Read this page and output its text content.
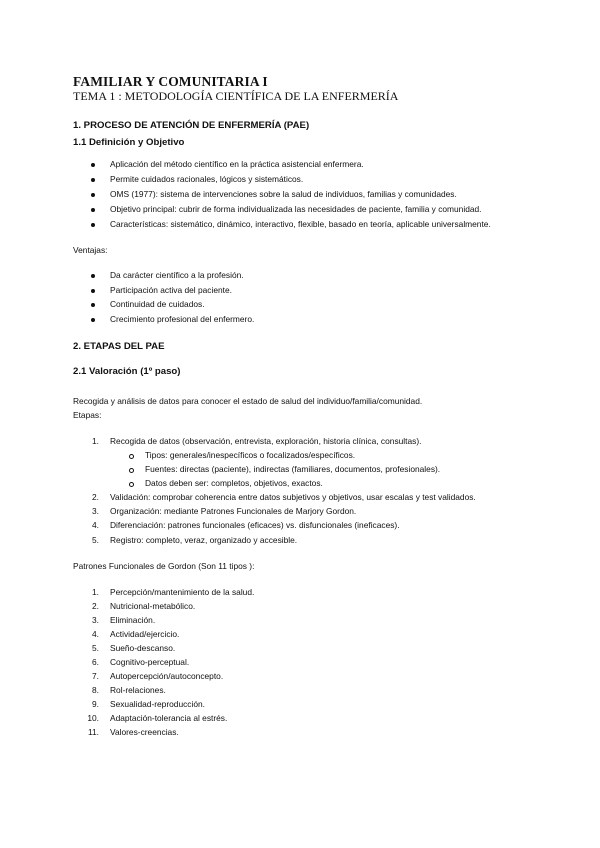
FAMILIAR Y COMUNITARIA I
TEMA 1 : METODOLOGÍA CIENTÍFICA DE LA ENFERMERÍA
1. PROCESO DE ATENCIÓN DE ENFERMERÍA (PAE)
1.1 Definición y Objetivo
Aplicación del método científico en la práctica asistencial enfermera.
Permite cuidados racionales, lógicos y sistemáticos.
OMS (1977): sistema de intervenciones sobre la salud de individuos, familias y comunidades.
Objetivo principal: cubrir de forma individualizada las necesidades de paciente, familia y comunidad.
Características: sistemático, dinámico, interactivo, flexible, basado en teoría, aplicable universalmente.
Ventajas:
Da carácter científico a la profesión.
Participación activa del paciente.
Continuidad de cuidados.
Crecimiento profesional del enfermero.
2. ETAPAS DEL PAE
2.1 Valoración (1º paso)
Recogida y análisis de datos para conocer el estado de salud del individuo/familia/comunidad.
Etapas:
1. Recogida de datos (observación, entrevista, exploración, historia clínica, consultas).
Tipos: generales/inespecíficos o focalizados/específicos.
Fuentes: directas (paciente), indirectas (familiares, documentos, profesionales).
Datos deben ser: completos, objetivos, exactos.
2. Validación: comprobar coherencia entre datos subjetivos y objetivos, usar escalas y test validados.
3. Organización: mediante Patrones Funcionales de Marjory Gordon.
4. Diferenciación: patrones funcionales (eficaces) vs. disfuncionales (ineficaces).
5. Registro: completo, veraz, organizado y accesible.
Patrones Funcionales de Gordon (Son 11 tipos ):
1. Percepción/mantenimiento de la salud.
2. Nutricional-metabólico.
3. Eliminación.
4. Actividad/ejercicio.
5. Sueño-descanso.
6. Cognitivo-perceptual.
7. Autopercepción/autoconcepto.
8. Rol-relaciones.
9. Sexualidad-reproducción.
10. Adaptación-tolerancia al estrés.
11. Valores-creencias.
